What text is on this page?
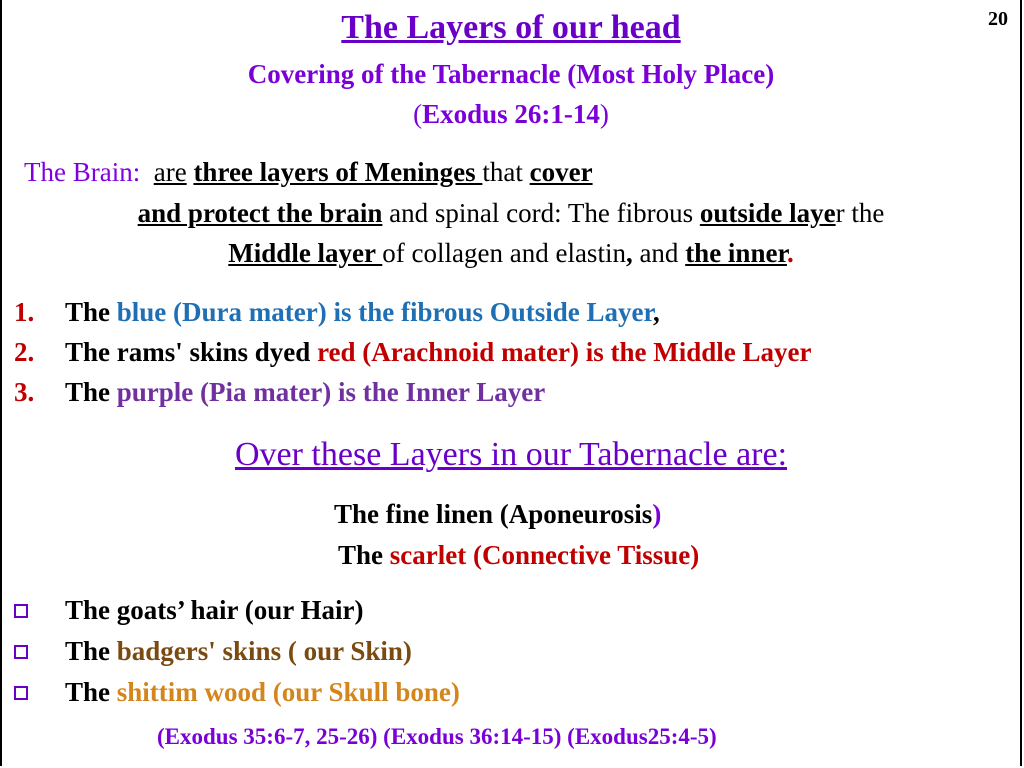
20
The Layers of our head
Covering of the Tabernacle (Most Holy Place)
(Exodus 26:1-14)
The Brain: are three layers of Meninges that cover
and protect the brain and spinal cord: The fibrous outside layer the
Middle layer of collagen and elastin, and the inner.
1. The blue (Dura mater) is the fibrous Outside Layer,
2. The rams' skins dyed red (Arachnoid mater) is the Middle Layer
3. The purple (Pia mater) is the Inner Layer
Over these Layers in our Tabernacle are:
The fine linen (Aponeurosis)
The scarlet (Connective Tissue)
The goats’ hair (our Hair)
The badgers' skins ( our Skin)
The shittim wood (our Skull bone)
(Exodus 35:6-7, 25-26) (Exodus 36:14-15) (Exodus25:4-5)
